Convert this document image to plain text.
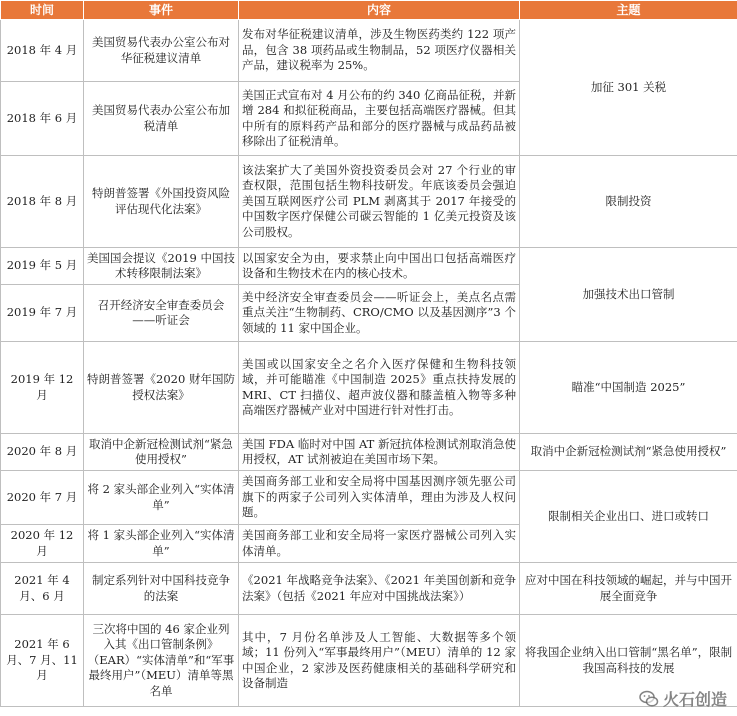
时间	事件	内容	主题
2018 年 4 月	美国贸易代表办公室公布对华征税建议清单	发布对华征税建议清单，涉及生物医药类约 122 项产品，包含 38 项药品或生物制品，52 项医疗仪器相关产品，建议税率为 25%。	加征 301 关税
2018 年 6 月	美国贸易代表办公室公布加税清单	美国正式宣布对 4 月公布的约 340 亿商品征税，并新增 284 和拟征税商品，主要包括高端医疗器械。但其中所有的原料药产品和部分的医疗器械与成品药品被移除出了征税清单。	
2018 年 8 月	特朗普签署《外国投资风险评估现代化法案》	该法案扩大了美国外资投资委员会对 27 个行业的审查权限，范围包括生物科技研发。年底该委员会强迫美国互联网医疗公司 PLM 剥离其于 2017 年接受的中国数字医疗保健公司碳云智能的 1 亿美元投资及该公司股权。	限制投资
2019 年 5 月	美国国会提议《2019 中国技术转移限制法案》	以国家安全为由，要求禁止向中国出口包括高端医疗设备和生物技术在内的核心技术。	加强技术出口管制
2019 年 7 月	召开经济安全审查委员会——听证会	美中经济安全审查委员会——听证会上，美点名点需重点关注“生物制药、CRO/CMO 以及基因测序”3 个领域的 11 家中国企业。	
2019 年 12 月	特朗普签署《2020 财年国防授权法案》	美国或以国家安全之名介入医疗保健和生物科技领域，并可能瞄准《中国制造 2025》重点扶持发展的 MRI、CT 扫描仪、超声波仪器和膝盖植入物等多种高端医疗器械产业对中国进行针对性打击。	瞄准“中国制造 2025”
2020 年 8 月	取消中企新冠检测试剂“紧急使用授权”	美国 FDA 临时对中国 AT 新冠抗体检测试剂取消急使用授权，AT 试剂被迫在美国市场下架。	取消中企新冠检测试剂“紧急使用授权”
2020 年 7 月	将 2 家头部企业列入“实体清单”	美国商务部工业和安全局将中国基因测序领先驱公司旗下的两家子公司列入实体清单，理由为涉及人权问题。	限制相关企业出口、进口或转口
2020 年 12 月	将 1 家头部企业列入“实体清单”	美国商务部工业和安全局将一家医疗器械公司列入实体清单。	
2021 年 4 月、6 月	制定系列针对中国科技竞争的法案	《2021 年战略竞争法案》、《2021 年美国创新和竞争法案》（包括《2021 年应对中国挑战法案》）	应对中国在科技领域的崛起，并与中国开展全面竞争
2021 年 6 月、7 月、11 月	三次将中国的 46 家企业列入其《出口管制条例》（EAR）“实体清单”和“军事最终用户”（MEU）清单等黑名单	其中，7 月份名单涉及人工智能、大数据等多个领域；11 份列入“军事最终用户”（MEU）清单的 12 家中国企业，2 家涉及医药健康相关的基础科学研究和设备制造	将我国企业纳入出口管制“黑名单”，限制我国高科技的发展
火石创造
